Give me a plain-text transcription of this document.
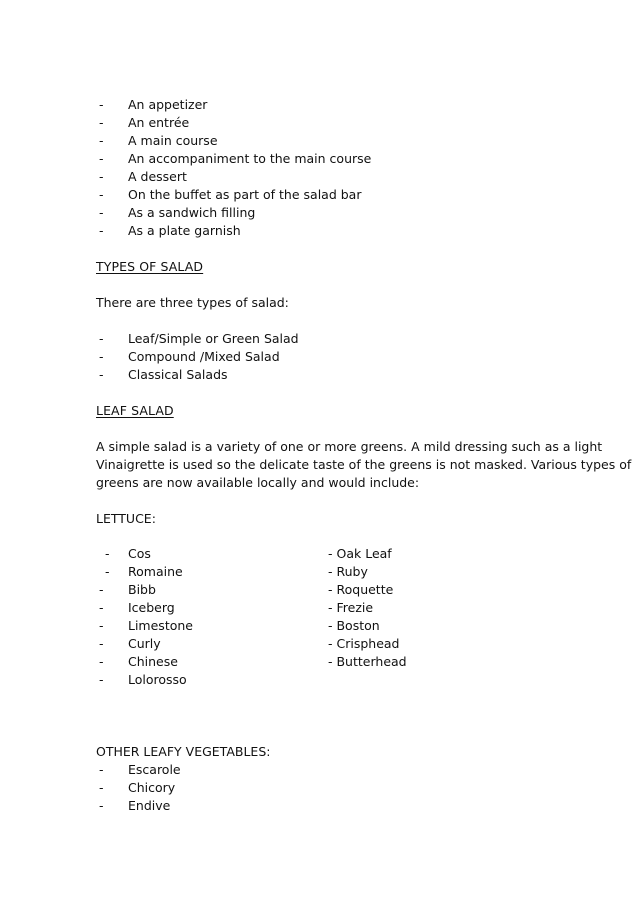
-	An appetizer
-	An entrée
-	A main course
-	An accompaniment to the main course
-	A dessert
-	On the buffet as part of the salad bar
-	As a sandwich filling
-	As a plate garnish
TYPES OF SALAD

There are three types of salad:

-	Leaf/Simple or Green Salad
-	Compound /Mixed Salad
-	Classical Salads
LEAF SALAD

A simple salad is a variety of one or more greens. A mild dressing such as a light

Vinaigrette is used so the delicate taste of the greens is not masked. Various types of

greens are now available locally and would include:

LETTUCE:
-	Cos
-	Romaine
-	Bibb
-	Iceberg
-	Limestone
-	Curly
-	Chinese
-	Lolorosso
- Oak Leaf
- Ruby
- Roquette
- Frezie
- Boston
- Crisphead
- Butterhead
OTHER LEAFY VEGETABLES:
-	Escarole
-	Chicory
-	Endive
